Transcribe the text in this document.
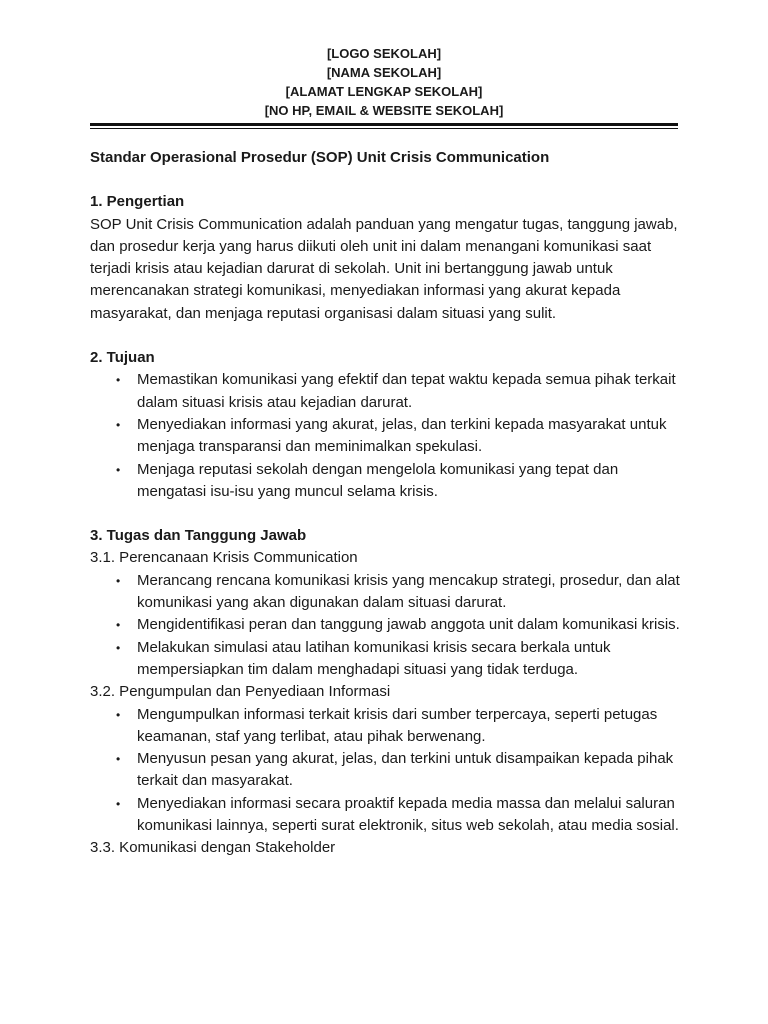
[LOGO SEKOLAH]
[NAMA SEKOLAH]
[ALAMAT LENGKAP SEKOLAH]
[NO HP, EMAIL & WEBSITE SEKOLAH]

Standar Operasional Prosedur (SOP) Unit Crisis Communication

1. Pengertian

SOP Unit Crisis Communication adalah panduan yang mengatur tugas, tanggung jawab, dan prosedur kerja yang harus diikuti oleh unit ini dalam menangani komunikasi saat terjadi krisis atau kejadian darurat di sekolah. Unit ini bertanggung jawab untuk merencanakan strategi komunikasi, menyediakan informasi yang akurat kepada masyarakat, dan menjaga reputasi organisasi dalam situasi yang sulit.

2. Tujuan

• Memastikan komunikasi yang efektif dan tepat waktu kepada semua pihak terkait dalam situasi krisis atau kejadian darurat.
• Menyediakan informasi yang akurat, jelas, dan terkini kepada masyarakat untuk menjaga transparansi dan meminimalkan spekulasi.
• Menjaga reputasi sekolah dengan mengelola komunikasi yang tepat dan mengatasi isu-isu yang muncul selama krisis.

3. Tugas dan Tanggung Jawab

3.1. Perencanaan Krisis Communication

• Merancang rencana komunikasi krisis yang mencakup strategi, prosedur, dan alat komunikasi yang akan digunakan dalam situasi darurat.
• Mengidentifikasi peran dan tanggung jawab anggota unit dalam komunikasi krisis.
• Melakukan simulasi atau latihan komunikasi krisis secara berkala untuk mempersiapkan tim dalam menghadapi situasi yang tidak terduga.

3.2. Pengumpulan dan Penyediaan Informasi

• Mengumpulkan informasi terkait krisis dari sumber terpercaya, seperti petugas keamanan, staf yang terlibat, atau pihak berwenang.
• Menyusun pesan yang akurat, jelas, dan terkini untuk disampaikan kepada pihak terkait dan masyarakat.
• Menyediakan informasi secara proaktif kepada media massa dan melalui saluran komunikasi lainnya, seperti surat elektronik, situs web sekolah, atau media sosial.

3.3. Komunikasi dengan Stakeholder
